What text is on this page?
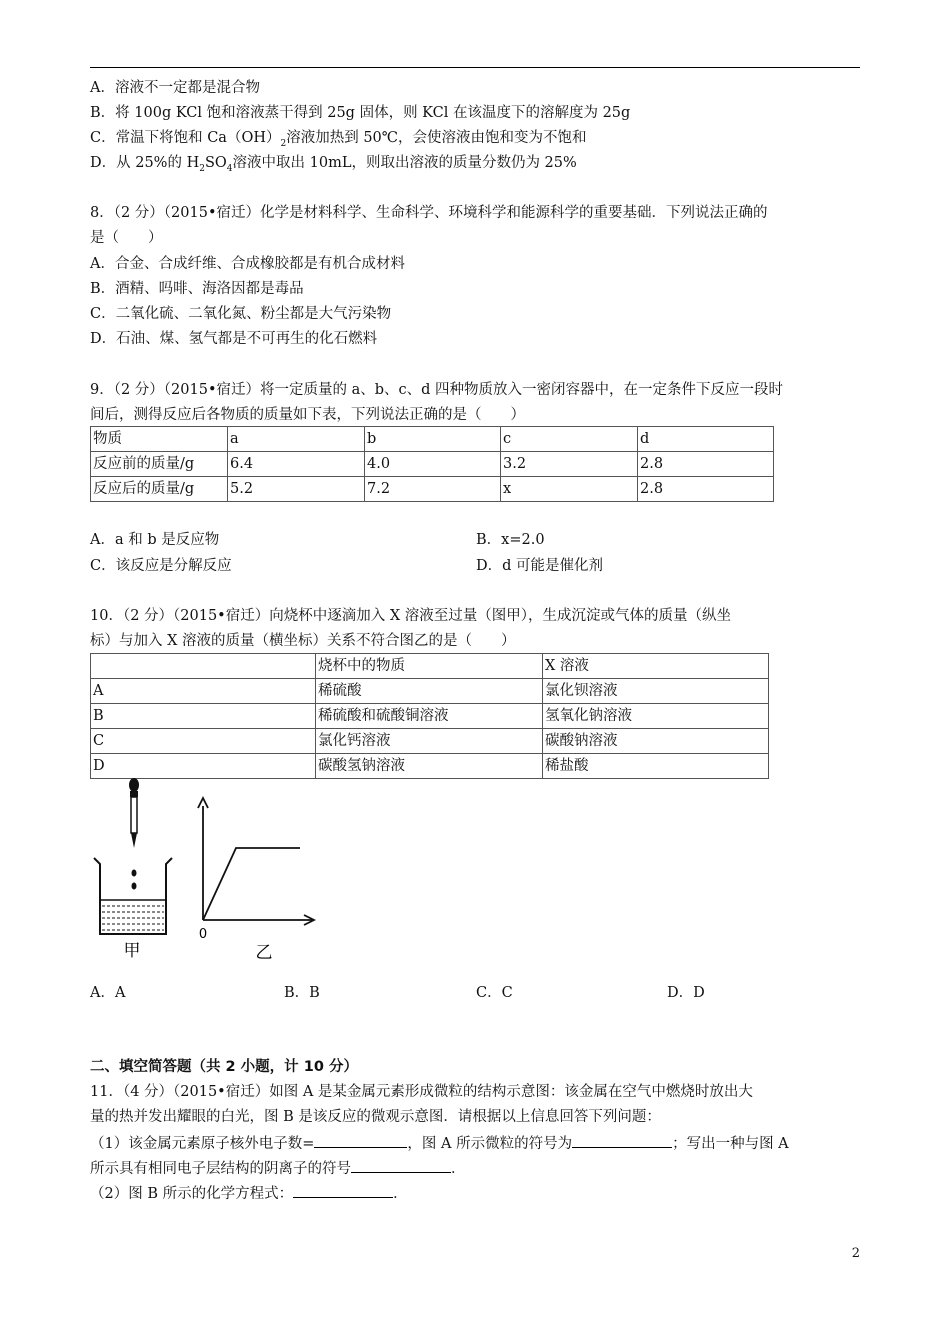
A．溶液不一定都是混合物
B．将 100g KCl 饱和溶液蒸干得到 25g 固体，则 KCl 在该温度下的溶解度为 25g
C．常温下将饱和 $Ca(OH)_2$溶液加热到 50℃，会使溶液由饱和变为不饱和
D．从 25%的 $H_2SO_4$溶液中取出 10mL，则取出溶液的质量分数仍为 25%
8．（2 分）（2015•宿迁）化学是材料科学、生命科学、环境科学和能源科学的重要基础．下列说法正确的
是（　　）
A．合金、合成纤维、合成橡胶都是有机合成材料
B．酒精、吗啡、海洛因都是毒品
C．二氧化硫、二氧化氮、粉尘都是大气污染物
D．石油、煤、氢气都是不可再生的化石燃料
9．（2 分）（2015•宿迁）将一定质量的 a、b、c、d 四种物质放入一密闭容器中，在一定条件下反应一段时
间后，测得反应后各物质的质量如下表，下列说法正确的是（　　）
物质	a	b	c	d
反应前的质量/g	6.4	4.0	3.2	2.8
反应后的质量/g	5.2	7.2	x	2.8
A．a 和 b 是反应物	B．x=2.0
C．该反应是分解反应	D．d 可能是催化剂
10．（2 分）（2015•宿迁）向烧杯中逐滴加入 X 溶液至过量（图甲），生成沉淀或气体的质量（纵坐
标）与加入 X 溶液的质量（横坐标）关系不符合图乙的是（　　）
	烧杯中的物质	X 溶液
A	稀硫酸	氯化钡溶液
B	稀硫酸和硫酸铜溶液	氢氧化钠溶液
C	氯化钙溶液	碳酸钠溶液
D	碳酸氢钠溶液	稀盐酸
甲
0
乙
A．A	B．B	C．C	D．D
二、填空简答题（共 2 小题，计 10 分）
11．（4 分）（2015•宿迁）如图 A 是某金属元素形成微粒的结构示意图：该金属在空气中燃烧时放出大
量的热并发出耀眼的白光，图 B 是该反应的微观示意图．请根据以上信息回答下列问题：
（1）该金属元素原子核外电子数=	，图 A 所示微粒的符号为	；写出一种与图 A
所示具有相同电子层结构的阴离子的符号	．
（2）图 B 所示的化学方程式：	．
2
